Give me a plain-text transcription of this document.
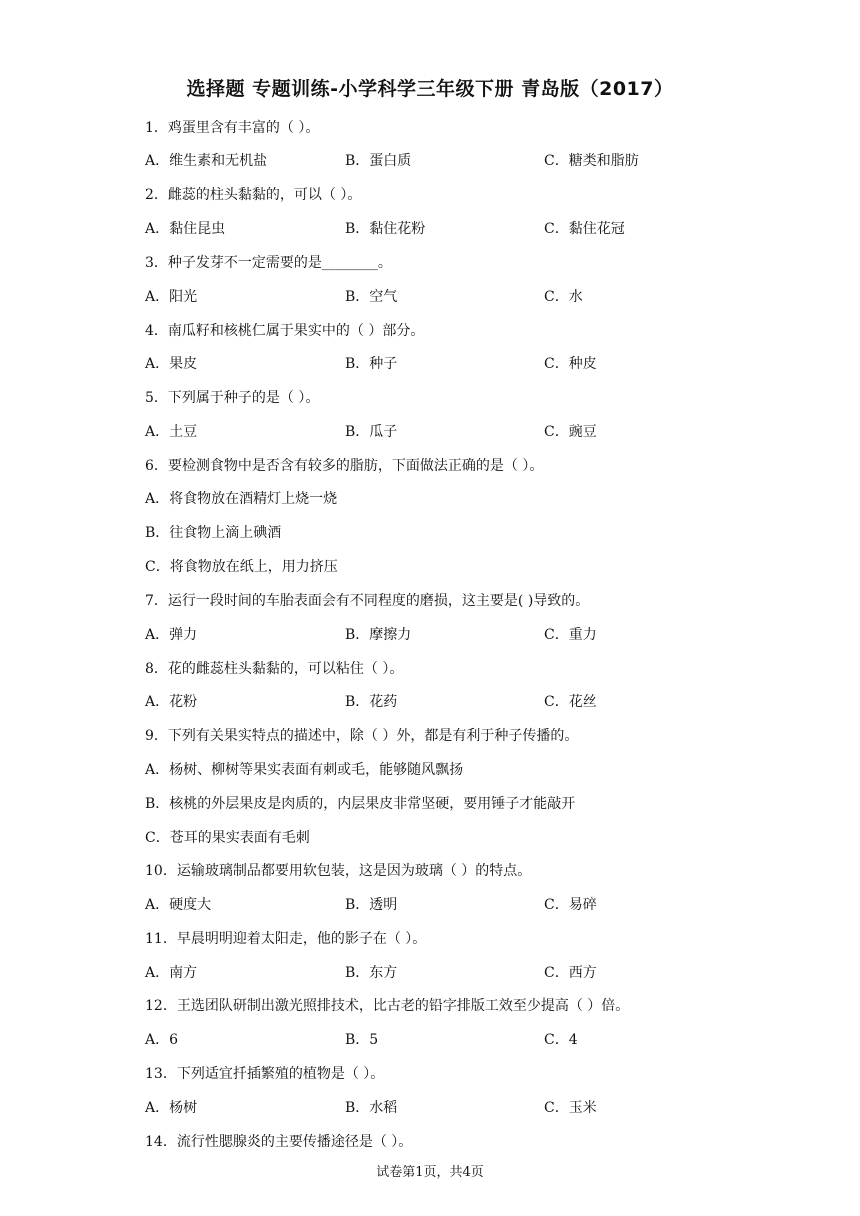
选择题 专题训练-小学科学三年级下册 青岛版（2017）
1．鸡蛋里含有丰富的（ ）。
A．维生素和无机盐	B．蛋白质	C．糖类和脂肪
2．雌蕊的柱头黏黏的，可以（ ）。
A．黏住昆虫	B．黏住花粉	C．黏住花冠
3．种子发芽不一定需要的是________。
A．阳光	B．空气	C．水
4．南瓜籽和核桃仁属于果实中的（ ）部分。
A．果皮	B．种子	C．种皮
5．下列属于种子的是（ ）。
A．土豆	B．瓜子	C．豌豆
6．要检测食物中是否含有较多的脂肪，下面做法正确的是（ ）。
A．将食物放在酒精灯上烧一烧
B．往食物上滴上碘酒
C．将食物放在纸上，用力挤压
7．运行一段时间的车胎表面会有不同程度的磨损，这主要是( )导致的。
A．弹力	B．摩擦力	C．重力
8．花的雌蕊柱头黏黏的，可以粘住（ ）。
A．花粉	B．花药	C．花丝
9．下列有关果实特点的描述中，除（ ）外，都是有利于种子传播的。
A．杨树、柳树等果实表面有刺或毛，能够随风飘扬
B．核桃的外层果皮是肉质的，内层果皮非常坚硬，要用锤子才能敲开
C．苍耳的果实表面有毛刺
10．运输玻璃制品都要用软包装，这是因为玻璃（ ）的特点。
A．硬度大	B．透明	C．易碎
11．早晨明明迎着太阳走，他的影子在（ ）。
A．南方	B．东方	C．西方
12．王选团队研制出激光照排技术，比古老的铅字排版工效至少提高（ ）倍。
A．6	B．5	C．4
13．下列适宜扦插繁殖的植物是（ ）。
A．杨树	B．水稻	C．玉米
14．流行性腮腺炎的主要传播途径是（ ）。
试卷第1页，共4页
